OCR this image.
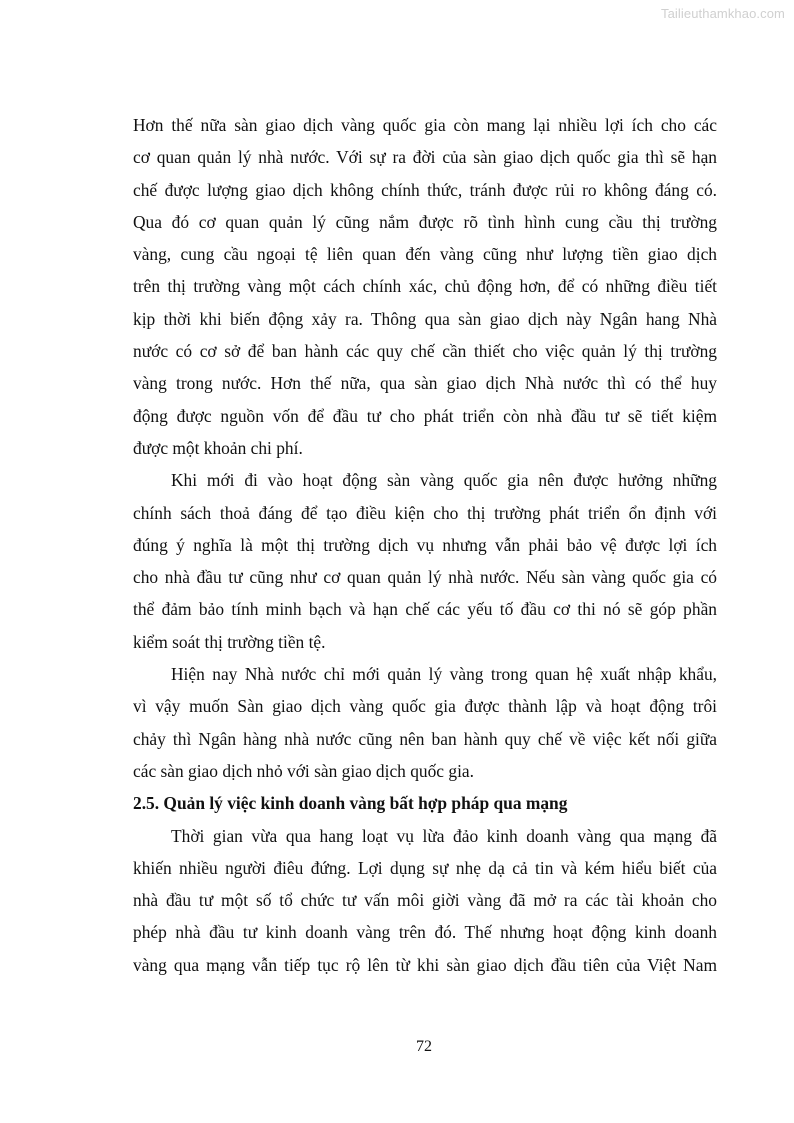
Tailieuthamkhao.com
Hơn thế nữa sàn giao dịch vàng quốc gia còn mang lại nhiều lợi ích cho các
cơ quan quản lý nhà nước. Với sự ra đời của sàn giao dịch quốc gia thì sẽ hạn
chế được lượng giao dịch không chính thức, tránh được rủi ro không đáng có.
Qua đó cơ quan quản lý cũng nắm được rõ tình hình cung cầu thị trường
vàng, cung cầu ngoại tệ liên quan đến vàng cũng như lượng tiền giao dịch
trên thị trường vàng một cách chính xác, chủ động hơn, để có những điều tiết
kịp thời khi biến động xảy ra. Thông qua sàn giao dịch này Ngân hang Nhà
nước có cơ sở để ban hành các quy chế cần thiết cho việc quản lý thị trường
vàng trong nước. Hơn thế nữa, qua sàn giao dịch Nhà nước thì có thể huy
động được nguồn vốn để đầu tư cho phát triển còn nhà đầu tư sẽ tiết kiệm
được một khoản chi phí.
Khi mới đi vào hoạt động sàn vàng quốc gia nên được hưởng những
chính sách thoả đáng để tạo điều kiện cho thị trường phát triển ổn định với
đúng ý nghĩa là một thị trường dịch vụ nhưng vẫn phải bảo vệ được lợi ích
cho nhà đầu tư cũng như cơ quan quản lý nhà nước. Nếu sàn vàng quốc gia có
thể đảm bảo tính minh bạch và hạn chế các yếu tố đầu cơ thi nó sẽ góp phần
kiểm soát thị trường tiền tệ.
Hiện nay Nhà nước chỉ mới quản lý vàng trong quan hệ xuất nhập khẩu,
vì vậy muốn Sàn giao dịch vàng quốc gia được thành lập và hoạt động trôi
chảy thì Ngân hàng nhà nước cũng nên ban hành quy chế về việc kết nối giữa
các sàn giao dịch nhỏ với sàn giao dịch quốc gia.
2.5. Quản lý việc kinh doanh vàng bất hợp pháp qua mạng
Thời gian vừa qua hang loạt vụ lừa đảo kinh doanh vàng qua mạng đã
khiến nhiều người điêu đứng. Lợi dụng sự nhẹ dạ cả tin và kém hiểu biết của
nhà đầu tư một số tổ chức tư vấn môi giời vàng đã mở ra các tài khoản cho
phép nhà đầu tư kinh doanh vàng trên đó. Thế nhưng hoạt động kinh doanh
vàng qua mạng vẫn tiếp tục rộ lên từ khi sàn giao dịch đầu tiên của Việt Nam
72
